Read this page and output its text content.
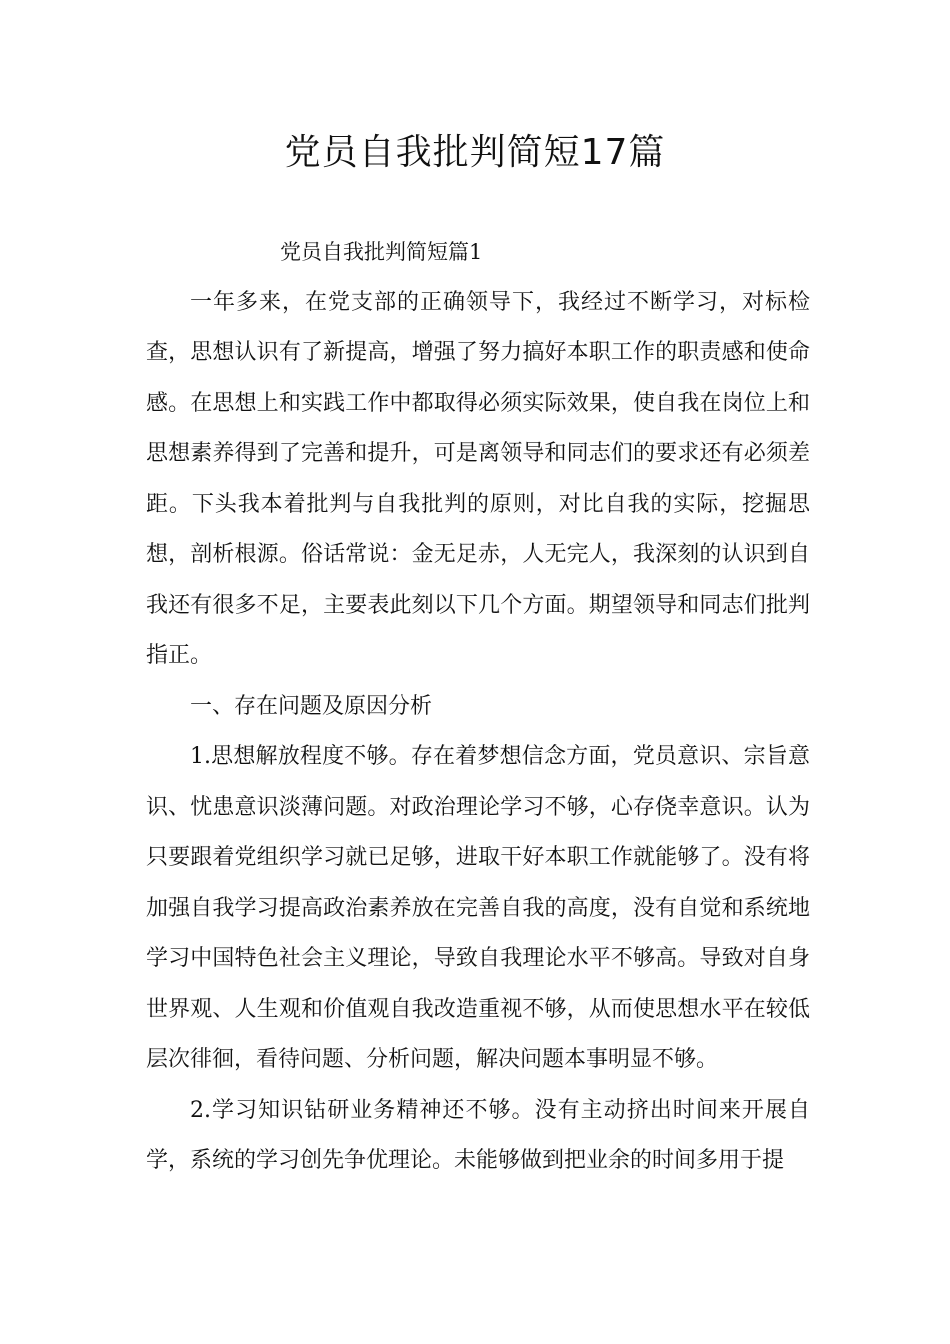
党员自我批判简短17篇

党员自我批判简短篇1

一年多来，在党支部的正确领导下，我经过不断学习，对标检查，思想认识有了新提高，增强了努力搞好本职工作的职责感和使命感。在思想上和实践工作中都取得必须实际效果，使自我在岗位上和思想素养得到了完善和提升，可是离领导和同志们的要求还有必须差距。下头我本着批判与自我批判的原则，对比自我的实际，挖掘思想，剖析根源。俗话常说：金无足赤，人无完人，我深刻的认识到自我还有很多不足，主要表此刻以下几个方面。期望领导和同志们批判指正。

一、存在问题及原因分析

1.思想解放程度不够。存在着梦想信念方面，党员意识、宗旨意识、忧患意识淡薄问题。对政治理论学习不够，心存侥幸意识。认为只要跟着党组织学习就已足够，进取干好本职工作就能够了。没有将加强自我学习提高政治素养放在完善自我的高度，没有自觉和系统地学习中国特色社会主义理论，导致自我理论水平不够高。导致对自身世界观、人生观和价值观自我改造重视不够，从而使思想水平在较低层次徘徊，看待问题、分析问题，解决问题本事明显不够。

2.学习知识钻研业务精神还不够。没有主动挤出时间来开展自学，系统的学习创先争优理论。未能够做到把业余的时间多用于提
